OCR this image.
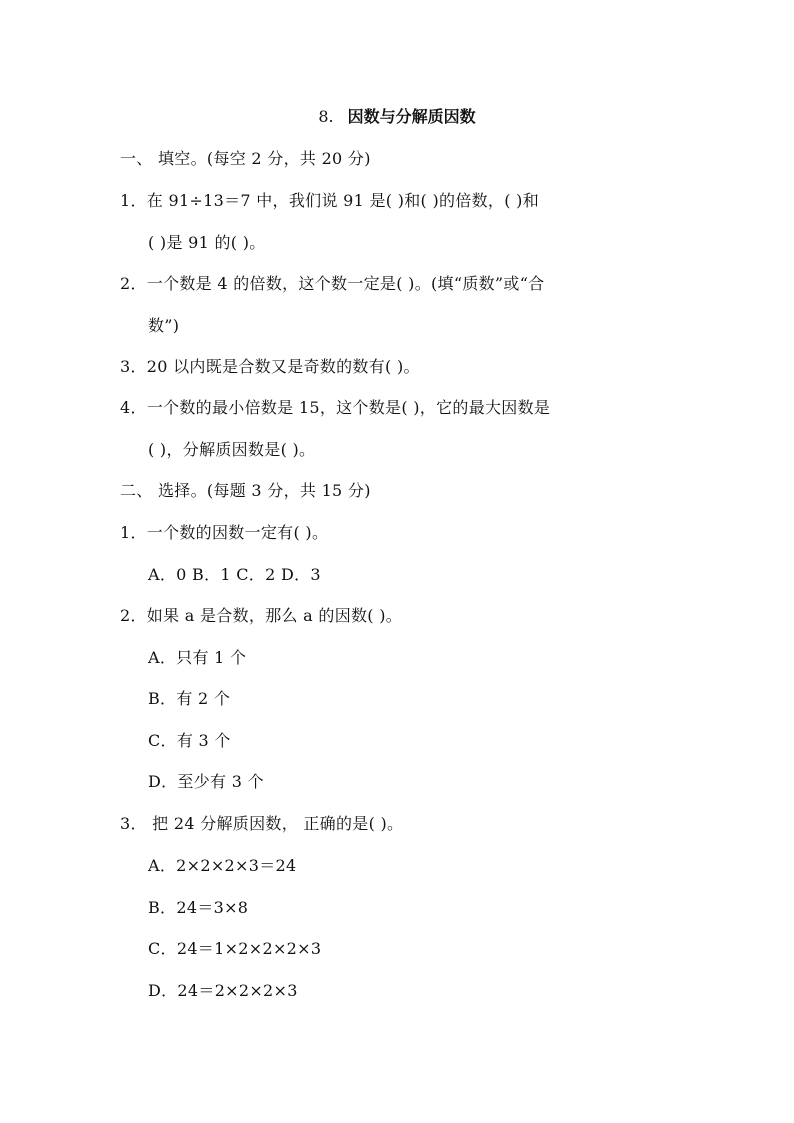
8. 因数与分解质因数
一、 填空。(每空 2 分，共 20 分)
1．在 91÷13＝7 中，我们说 91 是( )和( )的倍数，( )和
( )是 91 的( )。
2．一个数是 4 的倍数，这个数一定是( )。(填“质数”或“合
数”)
3．20 以内既是合数又是奇数的数有( )。
4．一个数的最小倍数是 15，这个数是( )，它的最大因数是
( )，分解质因数是( )。
二、 选择。(每题 3 分，共 15 分)
1．一个数的因数一定有( )。
A．0 B．1 C．2 D．3
2．如果 a 是合数，那么 a 的因数( )。
A．只有 1 个
B．有 2 个
C．有 3 个
D．至少有 3 个
3． 把 24 分解质因数， 正确的是( )。
A．2×2×2×3＝24
B．24＝3×8
C．24＝1×2×2×2×3
D．24＝2×2×2×3
